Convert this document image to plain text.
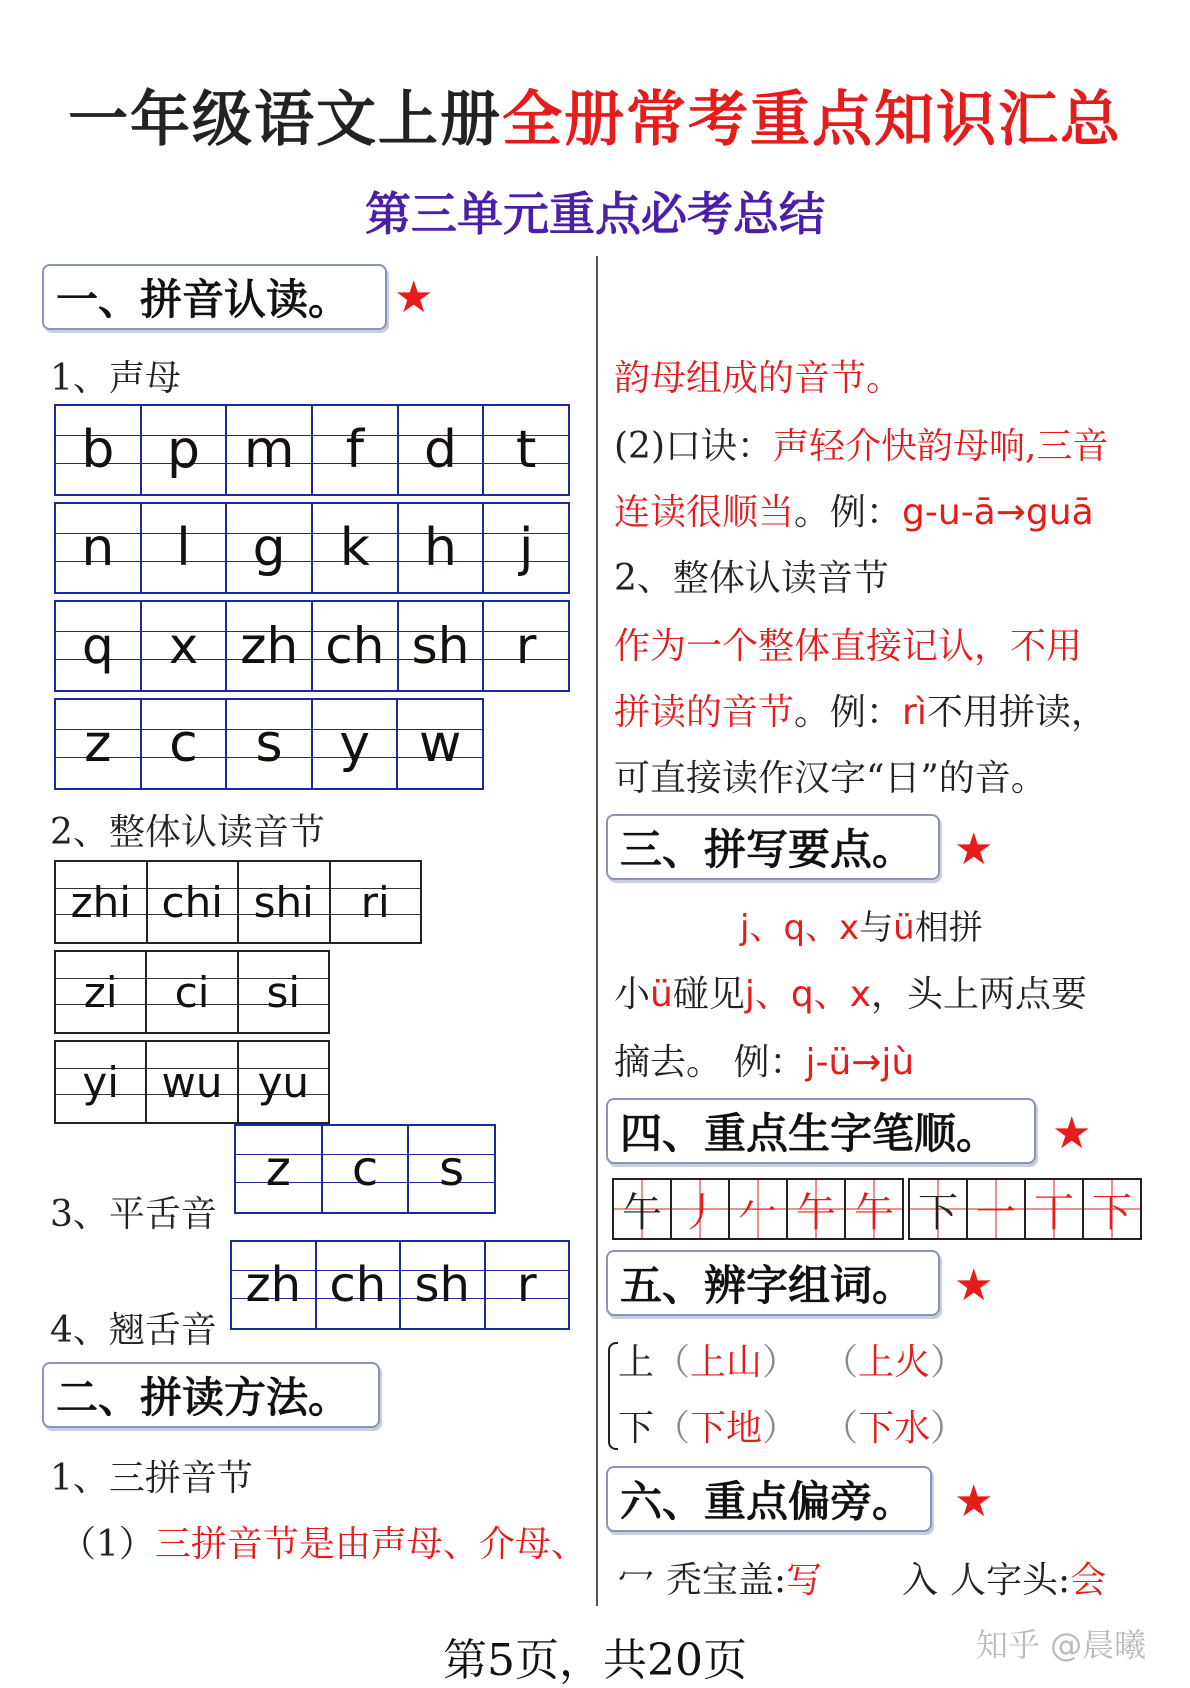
一年级语文上册全册常考重点知识汇总
第三单元重点必考总结
一、拼音认读。 ★
1、声母
b	p m f	d	t
n	l	g	k	h	j
q	x zh ch sh r
z	c	s	y w
2、整体认读音节
zhi chi shi	ri
zi	ci	si
yi	wu yu
z	c	s
3、平舌音
zh ch sh r
4、翘舌音
二、拼读方法。
1、三拼音节
（1）三拼音节是由声母、介母、
韵母组成的音节。
(2)口诀：声轻介快韵母响,三音
连读很顺当。例：g-u-ā→guā
2、整体认读音节
作为一个整体直接记认，不用
拼读的音节。例：rì不用拼读，
可直接读作汉字“日”的音。
三、拼写要点。 ★
j、q、x与ü相拼
小ü碰见j、q、x，头上两点要
摘去。 例：j-ü→jù
四、重点生字笔顺。 ★
午 丿 𠂉 午 午 下 一 丅 下
五、辨字组词。 ★
上（上山） （上火）
下（下地） （下水）
六、重点偏旁。 ★
冖 秃宝盖:写 入 人字头:会
第5页，共20页	知乎 @晨曦
